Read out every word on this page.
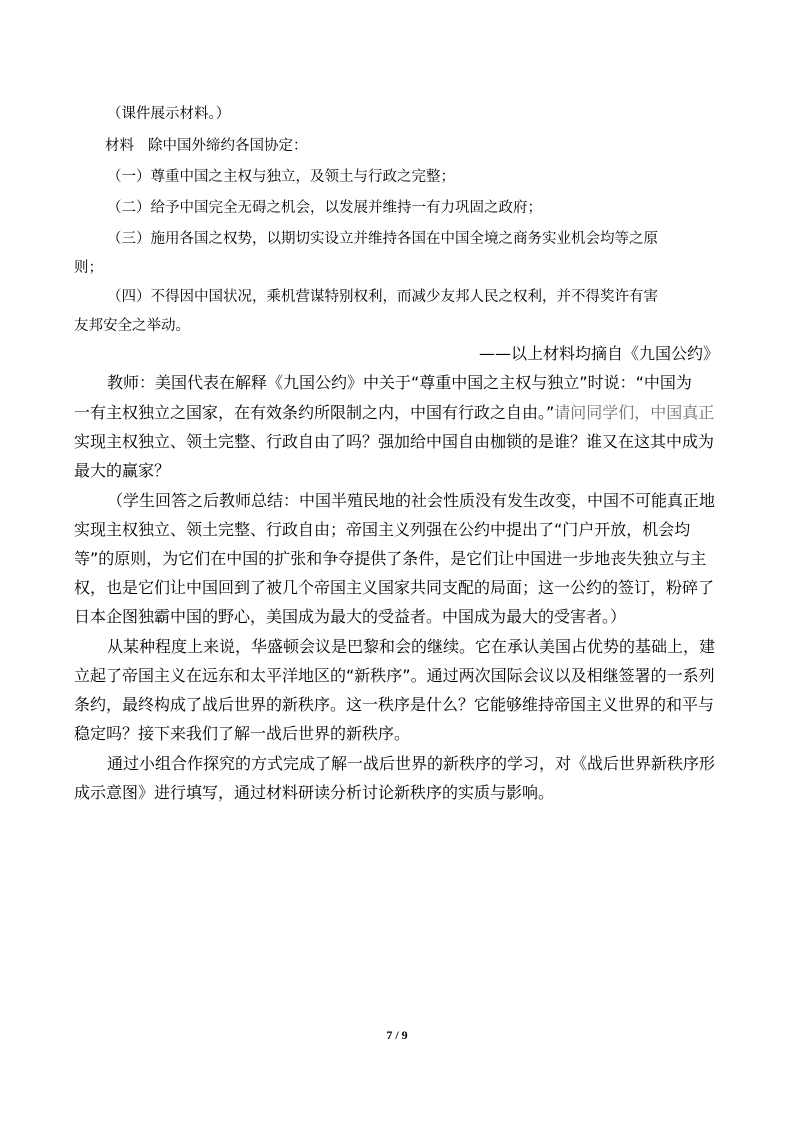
（课件展示材料。）
材料 除中国外缔约各国协定：
（一）尊重中国之主权与独立，及领土与行政之完整；
（二）给予中国完全无碍之机会，以发展并维持一有力巩固之政府；
（三）施用各国之权势，以期切实设立并维持各国在中国全境之商务实业机会均等之原
则；
（四）不得因中国状况，乘机营谋特别权利，而减少友邦人民之权利，并不得奖许有害
友邦安全之举动。
——以上材料均摘自《九国公约》
教师：美国代表在解释《九国公约》中关于“尊重中国之主权与独立”时说：“中国为
一有主权独立之国家，在有效条约所限制之内，中国有行政之自由。”请问同学们，中国真正
实现主权独立、领土完整、行政自由了吗？强加给中国自由枷锁的是谁？谁又在这其中成为
最大的赢家？
（学生回答之后教师总结：中国半殖民地的社会性质没有发生改变，中国不可能真正地
实现主权独立、领土完整、行政自由；帝国主义列强在公约中提出了“门户开放，机会均
等”的原则，为它们在中国的扩张和争夺提供了条件，是它们让中国进一步地丧失独立与主
权，也是它们让中国回到了被几个帝国主义国家共同支配的局面；这一公约的签订，粉碎了
日本企图独霸中国的野心，美国成为最大的受益者。中国成为最大的受害者。）
从某种程度上来说，华盛顿会议是巴黎和会的继续。它在承认美国占优势的基础上，建
立起了帝国主义在远东和太平洋地区的“新秩序”。通过两次国际会议以及相继签署的一系列
条约，最终构成了战后世界的新秩序。这一秩序是什么？它能够维持帝国主义世界的和平与
稳定吗？接下来我们了解一战后世界的新秩序。
通过小组合作探究的方式完成了解一战后世界的新秩序的学习，对《战后世界新秩序形
成示意图》进行填写，通过材料研读分析讨论新秩序的实质与影响。
7 / 9
